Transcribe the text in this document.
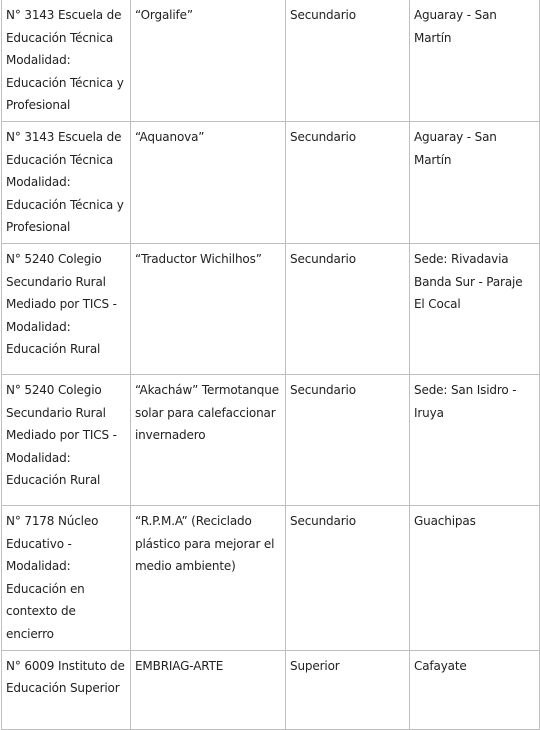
N° 3143 Escuela de Educación Técnica Modalidad: Educación Técnica y Profesional	“Orgalife”	Secundario	Aguaray - San Martín

N° 3143 Escuela de Educación Técnica Modalidad: Educación Técnica y Profesional	“Aquanova”	Secundario	Aguaray - San Martín

N° 5240 Colegio Secundario Rural Mediado por TICS - Modalidad: Educación Rural	“Traductor Wichilhos”	Secundario	Sede: Rivadavia Banda Sur - Paraje El Cocal

N° 5240 Colegio Secundario Rural Mediado por TICS - Modalidad: Educación Rural	“Akacháw” Termotanque solar para calefaccionar invernadero	Secundario	Sede: San Isidro - Iruya

N° 7178 Núcleo Educativo - Modalidad: Educación en contexto de encierro	“R.P.M.A” (Reciclado plástico para mejorar el medio ambiente)	Secundario	Guachipas

N° 6009 Instituto de Educación Superior	EMBRIAG-ARTE	Superior	Cafayate
